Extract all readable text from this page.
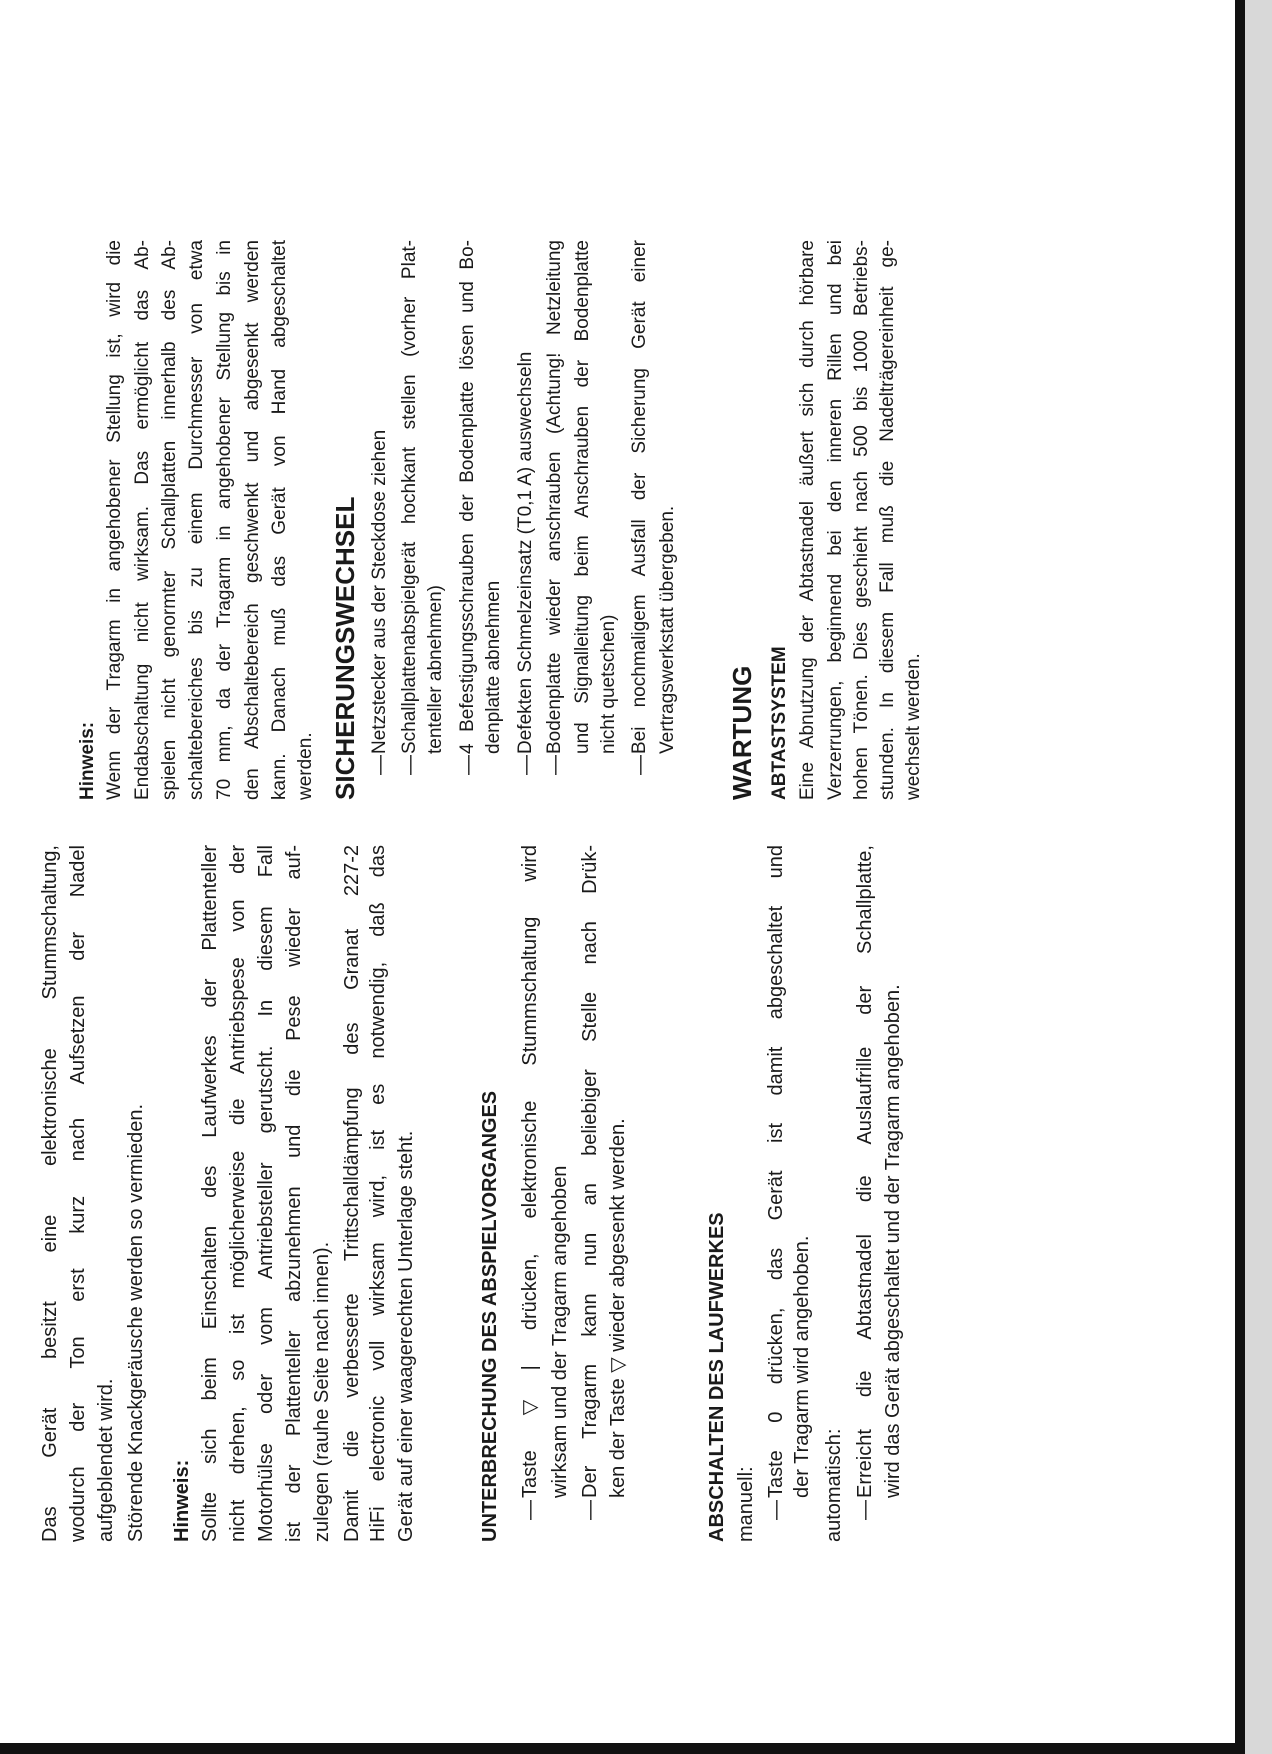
Das Gerät besitzt eine elektronische Stummschaltung, wodurch der Ton erst kurz nach Aufsetzen der Nadel aufgeblendet wird. Störende Knackgeräusche werden so vermieden. Hinweis: Sollte sich beim Einschalten des Laufwerkes der Plattenteller nicht drehen, so ist möglicherweise die Antriebspese von der Motorhülse oder vom Antriebsteller gerutscht. In diesem Fall ist der Plattenteller abzunehmen und die Pese wieder auf- zulegen (rauhe Seite nach innen). Damit die verbesserte Trittschalldämpfung des Granat 227-2 HiFi electronic voll wirksam wird, ist es notwendig, daß das Gerät auf einer waagerechten Unterlage steht.	UNTERBRECHUNG DES ABSPIELVORGANGES Taste ▽| drücken, elektronische Stummschaltung wird
—
wirksam und der Tragarm angehoben Der Tragarm kann nun an beliebiger Stelle nach Drük-
—
ken der Taste ▽ wieder abgesenkt werden.	ABSCHALTEN DES LAUFWERKES manuell:
Taste 0 drücken, das Gerät ist damit abgeschaltet und
—
der Tragarm wird angehoben. automatisch: Erreicht die Abtastnadel die Auslaufrille der Schallplatte,
—
wird das Gerät abgeschaltet und der Tragarm angehoben.
Hinweis: Wenn der Tragarm in angehobener Stellung ist, wird die Endabschaltung nicht wirksam. Das ermöglicht das Ab- spielen nicht genormter Schallplatten innerhalb des Ab- schaltebereiches bis zu einem Durchmesser von etwa 70 mm, da der Tragarm in angehobener Stellung bis in den Abschaltebereich geschwenkt und abgesenkt werden kann. Danach muß das Gerät von Hand abgeschaltet werden. SICHERUNGSWECHSEL Netzstecker aus der Steckdose ziehen
—
Schallplattenabspielgerät hochkant stellen (vorher Plat-
—
tenteller abnehmen) 4 Befestigungsschrauben der Bodenplatte lösen und Bo-
—
denplatte abnehmen Defekten Schmelzeinsatz (T0,1 A) auswechseln
—
Bodenplatte wieder anschrauben (Achtung! Netzleitung
—
und Signalleitung beim Anschrauben der Bodenplatte nicht quetschen) Bei nochmaligem Ausfall der Sicherung Gerät einer
—
Vertragswerkstatt übergeben. WARTUNG ABTASTSYSTEM Eine Abnutzung der Abtastnadel äußert sich durch hörbare Verzerrungen, beginnend bei den inneren Rillen und bei hohen Tönen. Dies geschieht nach 500 bis 1000 Betriebs- stunden. In diesem Fall muß die Nadelträgereinheit ge- wechselt werden.
